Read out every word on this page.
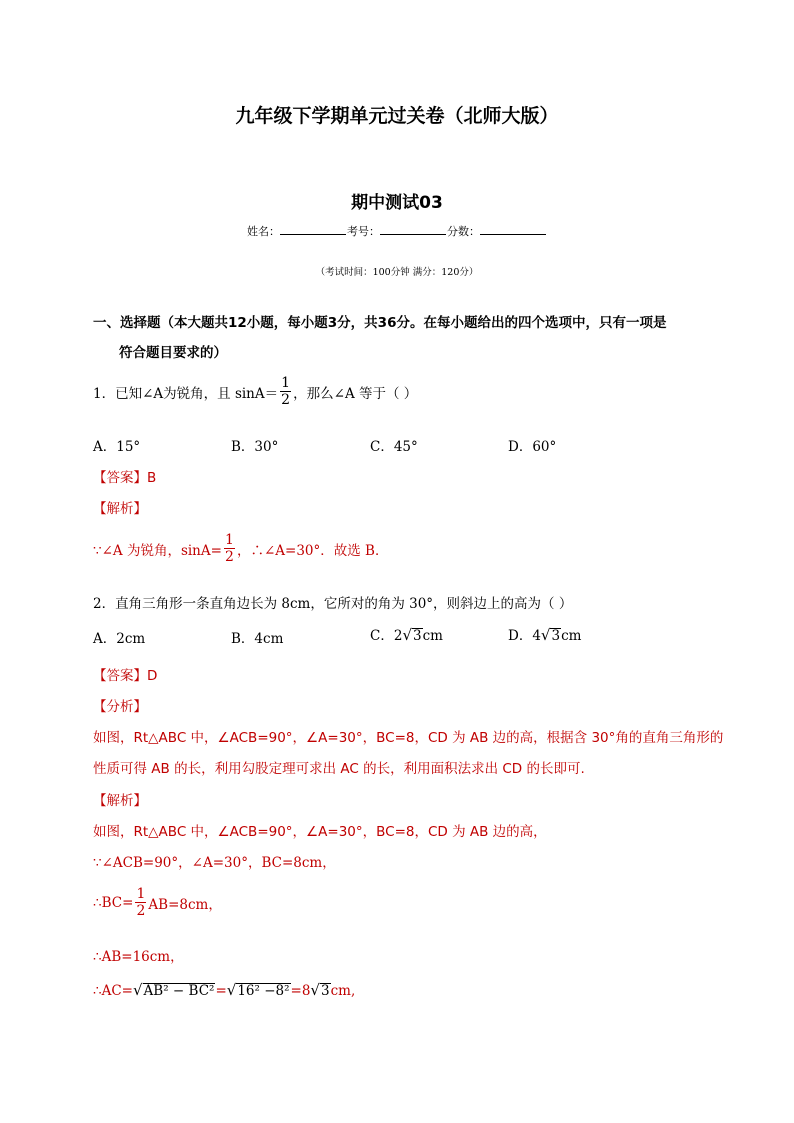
九年级下学期单元过关卷（北师大版）
期中测试03
姓名：	考号：	分数：
（考试时间：100分钟 满分：120分）
一、选择题（本大题共12小题，每小题3分，共36分。在每小题给出的四个选项中，只有一项是
符合题目要求的）
1．已知∠A为锐角，且 $\sin A= \frac{1}{2}$ ，那么∠A 等于（ ）
A．15°	B．30°	C．45°	D．60°
【答案】B
【解析】
∵∠A 为锐角，$\sin A= \frac{1}{2}$ ，∴∠A=30°．故选 B．
2．直角三角形一条直角边长为 8cm，它所对的角为 30°，则斜边上的高为（ ）
A．2cm	B．4cm	C．2√3cm	D．4√3cm
【答案】D
【分析】
如图，Rt△ABC 中，∠ACB=90°，∠A=30°，BC=8，CD 为 AB 边的高，根据含 30°角的直角三角形的
性质可得 AB 的长，利用勾股定理可求出 AC 的长，利用面积法求出 CD 的长即可.
【解析】
如图，Rt△ABC 中，∠ACB=90°，∠A=30°，BC=8，CD 为 AB 边的高，
∵∠ACB=90°，∠A=30°，BC=8cm，
∴BC= $\frac{1}{2} AB=8cm$，
∴AB=16cm，
∴AC=√AB² − BC²=√16² −8²=8√3cm,
